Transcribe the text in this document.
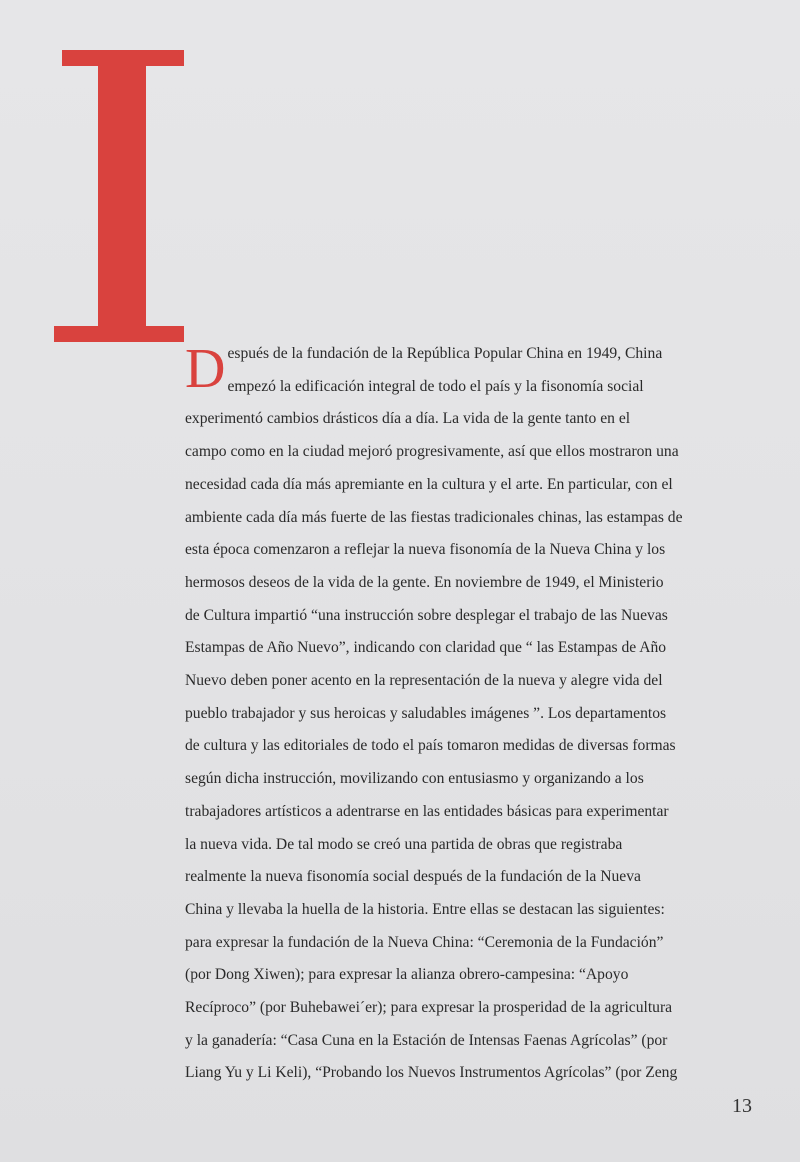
D espués de la fundación de la República Popular China en 1949, China
empezó la edificación integral de todo el país y la fisonomía social
experimentó cambios drásticos día a día. La vida de la gente tanto en el
campo como en la ciudad mejoró progresivamente, así que ellos mostraron una
necesidad cada día más apremiante en la cultura y el arte. En particular, con el
ambiente cada día más fuerte de las fiestas tradicionales chinas, las estampas de
esta época comenzaron a reflejar la nueva fisonomía de la Nueva China y los
hermosos deseos de la vida de la gente. En noviembre de 1949, el Ministerio
de Cultura impartió “una instrucción sobre desplegar el trabajo de las Nuevas
Estampas de Año Nuevo”, indicando con claridad que “ las Estampas de Año
Nuevo deben poner acento en la representación de la nueva y alegre vida del
pueblo trabajador y sus heroicas y saludables imágenes ”. Los departamentos
de cultura y las editoriales de todo el país tomaron medidas de diversas formas
según dicha instrucción, movilizando con entusiasmo y organizando a los
trabajadores artísticos a adentrarse en las entidades básicas para experimentar
la nueva vida. De tal modo se creó una partida de obras que registraba
realmente la nueva fisonomía social después de la fundación de la Nueva
China y llevaba la huella de la historia. Entre ellas se destacan las siguientes:
para expresar la fundación de la Nueva China: “Ceremonia de la Fundación”
(por Dong Xiwen); para expresar la alianza obrero-campesina: “Apoyo
Recíproco” (por Buhebawei´er); para expresar la prosperidad de la agricultura
y la ganadería: “Casa Cuna en la Estación de Intensas Faenas Agrícolas” (por
Liang Yu y Li Keli), “Probando los Nuevos Instrumentos Agrícolas” (por Zeng
13
